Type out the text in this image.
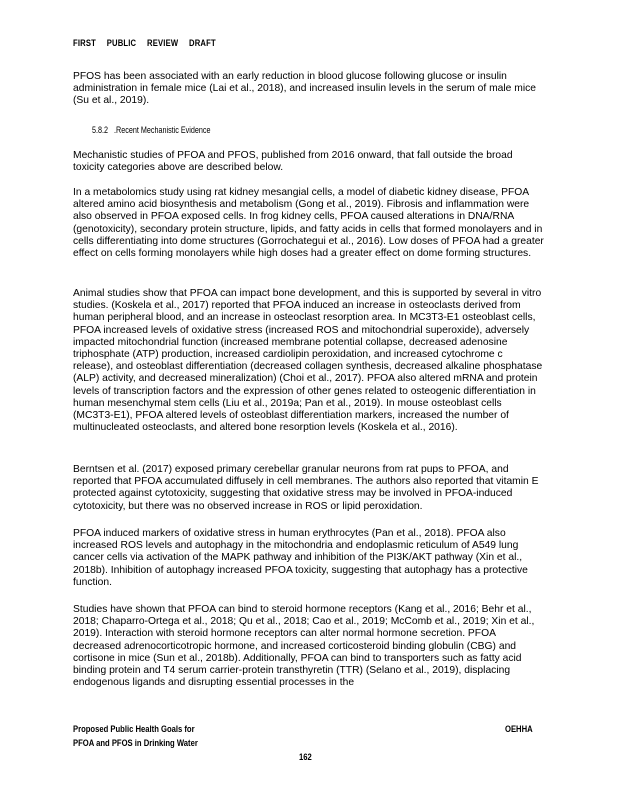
FIRST PUBLIC REVIEW DRAFT

PFOS has been associated with an early reduction in blood glucose following glucose or insulin administration in female mice (Lai et al., 2018), and increased insulin levels in the serum of male mice (Su et al., 2019).

5.8.2 .Recent Mechanistic Evidence

Mechanistic studies of PFOA and PFOS, published from 2016 onward, that fall outside the broad toxicity categories above are described below.

In a metabolomics study using rat kidney mesangial cells, a model of diabetic kidney disease, PFOA altered amino acid biosynthesis and metabolism (Gong et al., 2019). Fibrosis and inflammation were also observed in PFOA exposed cells. In frog kidney cells, PFOA caused alterations in DNA/RNA (genotoxicity), secondary protein structure, lipids, and fatty acids in cells that formed monolayers and in cells differentiating into dome structures (Gorrochategui et al., 2016). Low doses of PFOA had a greater effect on cells forming monolayers while high doses had a greater effect on dome forming structures.

Animal studies show that PFOA can impact bone development, and this is supported by several in vitro studies. (Koskela et al., 2017) reported that PFOA induced an increase in osteoclasts derived from human peripheral blood, and an increase in osteoclast resorption area. In MC3T3-E1 osteoblast cells, PFOA increased levels of oxidative stress (increased ROS and mitochondrial superoxide), adversely impacted mitochondrial function (increased membrane potential collapse, decreased adenosine triphosphate (ATP) production, increased cardiolipin peroxidation, and increased cytochrome c release), and osteoblast differentiation (decreased collagen synthesis, decreased alkaline phosphatase (ALP) activity, and decreased mineralization) (Choi et al., 2017). PFOA also altered mRNA and protein levels of transcription factors and the expression of other genes related to osteogenic differentiation in human mesenchymal stem cells (Liu et al., 2019a; Pan et al., 2019). In mouse osteoblast cells (MC3T3-E1), PFOA altered levels of osteoblast differentiation markers, increased the number of multinucleated osteoclasts, and altered bone resorption levels (Koskela et al., 2016).

Berntsen et al. (2017) exposed primary cerebellar granular neurons from rat pups to PFOA, and reported that PFOA accumulated diffusely in cell membranes. The authors also reported that vitamin E protected against cytotoxicity, suggesting that oxidative stress may be involved in PFOA-induced cytotoxicity, but there was no observed increase in ROS or lipid peroxidation.

PFOA induced markers of oxidative stress in human erythrocytes (Pan et al., 2018). PFOA also increased ROS levels and autophagy in the mitochondria and endoplasmic reticulum of A549 lung cancer cells via activation of the MAPK pathway and inhibition of the PI3K/AKT pathway (Xin et al., 2018b). Inhibition of autophagy increased PFOA toxicity, suggesting that autophagy has a protective function.

Studies have shown that PFOA can bind to steroid hormone receptors (Kang et al., 2016; Behr et al., 2018; Chaparro-Ortega et al., 2018; Qu et al., 2018; Cao et al., 2019; McComb et al., 2019; Xin et al., 2019). Interaction with steroid hormone receptors can alter normal hormone secretion. PFOA decreased adrenocorticotropic hormone, and increased corticosteroid binding globulin (CBG) and cortisone in mice (Sun et al., 2018b). Additionally, PFOA can bind to transporters such as fatty acid binding protein and T4 serum carrier-protein transthyretin (TTR) (Selano et al., 2019), displacing endogenous ligands and disrupting essential processes in the

Proposed Public Health Goals for
PFOA and PFOS in Drinking Water
OEHHA
162
